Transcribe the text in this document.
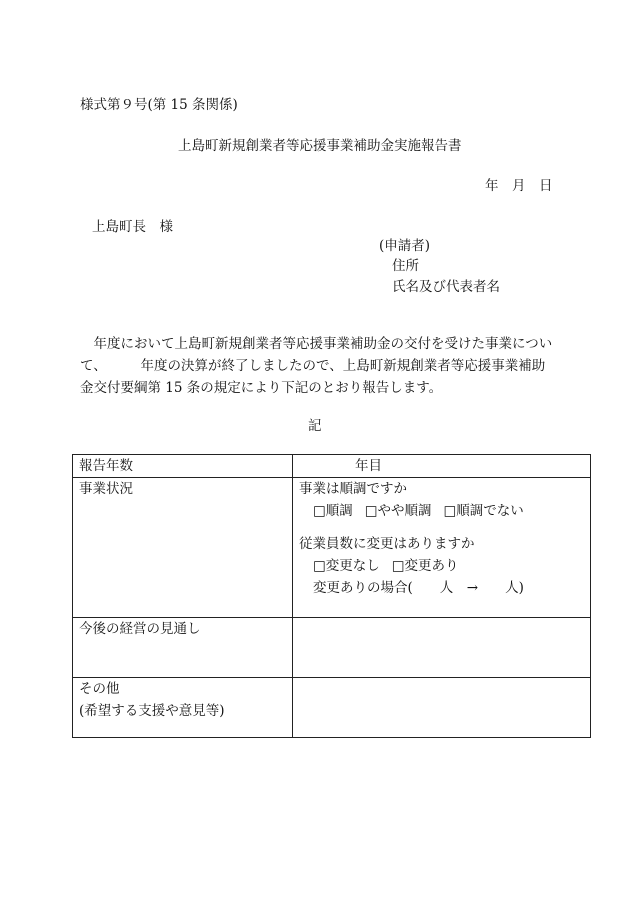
様式第９号(第 15 条関係)
上島町新規創業者等応援事業補助金実施報告書
年　月　日
上島町長　様
(申請者)
住所
氏名及び代表者名
　年度において上島町新規創業者等応援事業補助金の交付を受けた事業につい
て、　　　年度の決算が終了しましたので、上島町新規創業者等応援事業補助
金交付要綱第 15 条の規定により下記のとおり報告します。
記
報告年数	年目
事業状況	事業は順調ですか
□順調 □やや順調 □順調でない
従業員数に変更はありますか
□変更なし □変更あり
変更ありの場合(　　人　→　　人)

今後の経営の見通し	

その他
(希望する支援や意見等)	
